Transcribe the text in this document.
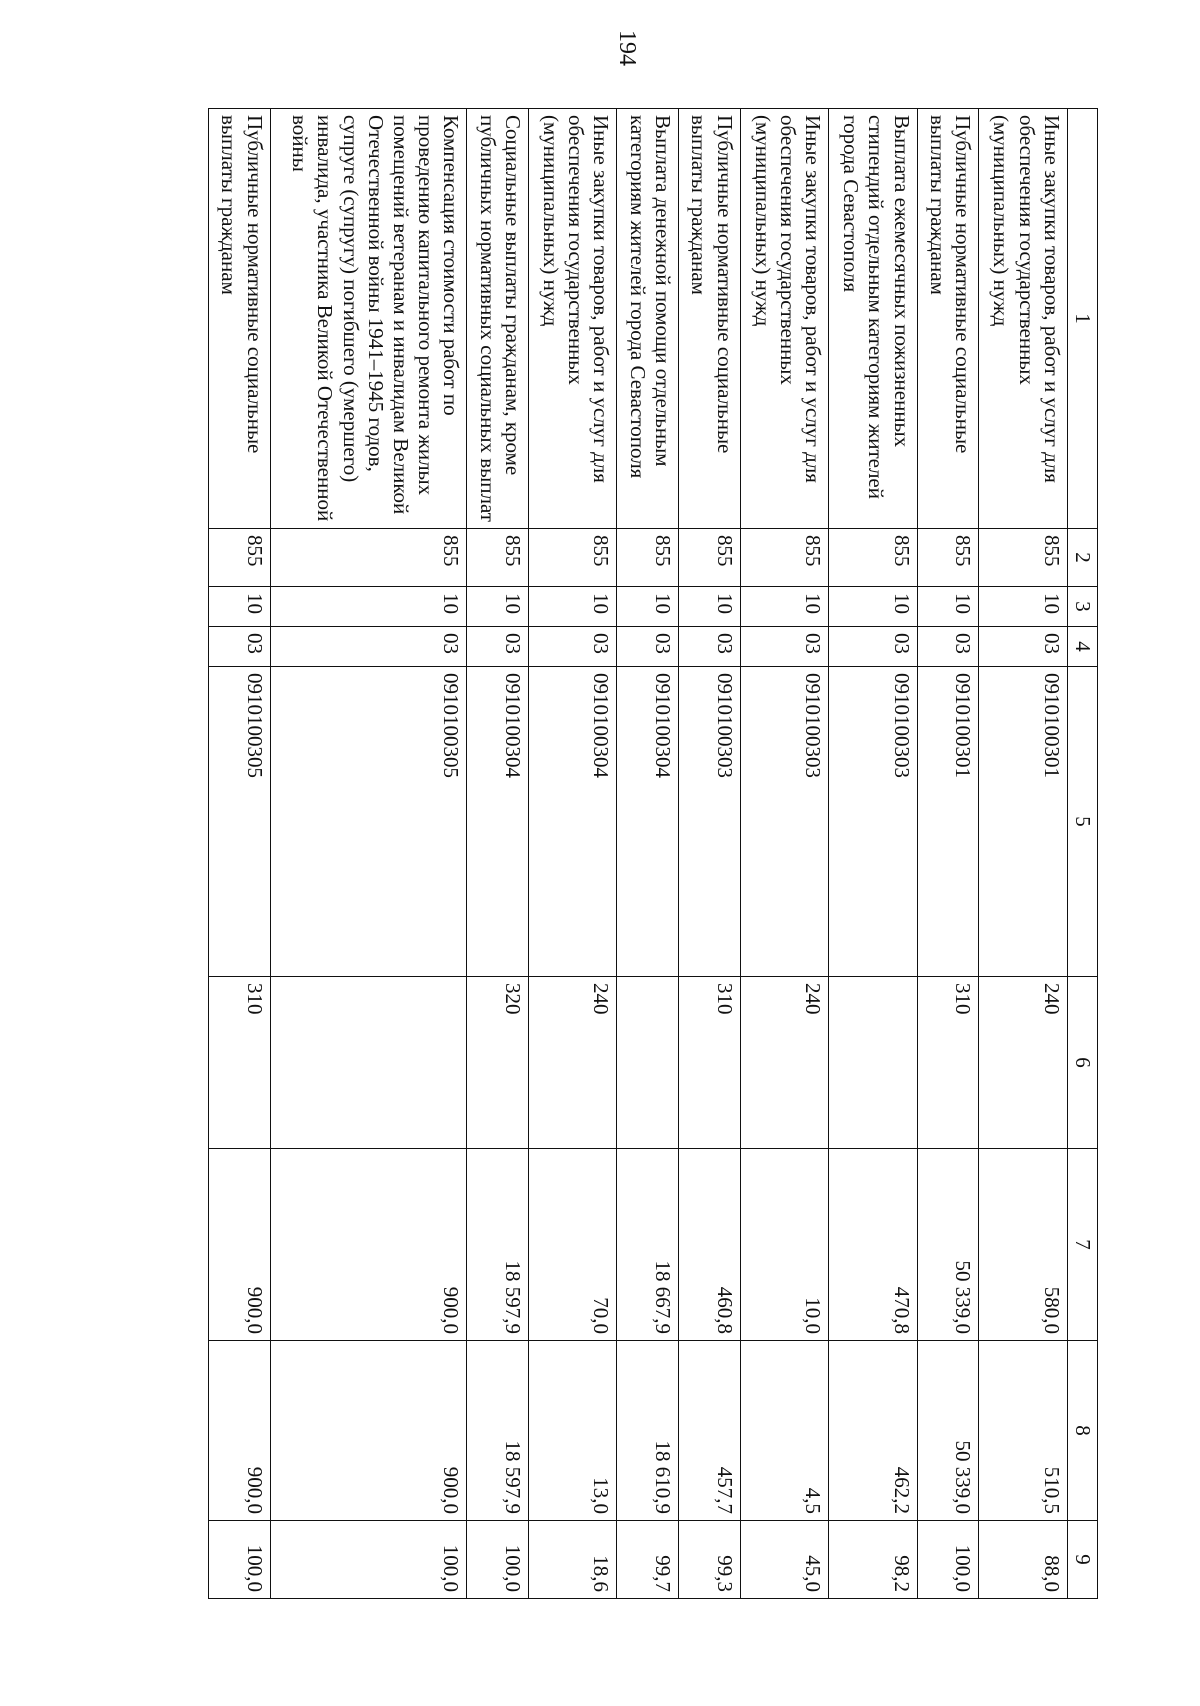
194
1	2	3	4	5	6	7	8	9
Иные закупки товаров, работ и услуг для обеспечения государственных (муниципальных) нужд	855	10	03	0910100301	240	580,0	510,5	88,0
Публичные нормативные социальные выплаты гражданам	855	10	03	0910100301	310	50 339,0	50 339,0	100,0
Выплата ежемесячных пожизненных стипендий отдельным категориям жителей города Севастополя	855	10	03	0910100303		470,8	462,2	98,2
Иные закупки товаров, работ и услуг для обеспечения государственных (муниципальных) нужд	855	10	03	0910100303	240	10,0	4,5	45,0
Публичные нормативные социальные выплаты гражданам	855	10	03	0910100303	310	460,8	457,7	99,3
Выплата денежной помощи отдельным категориям жителей города Севастополя	855	10	03	0910100304		18 667,9	18 610,9	99,7
Иные закупки товаров, работ и услуг для обеспечения государственных (муниципальных) нужд	855	10	03	0910100304	240	70,0	13,0	18,6
Социальные выплаты гражданам, кроме публичных нормативных социальных выплат	855	10	03	0910100304	320	18 597,9	18 597,9	100,0
Компенсация стоимости работ по проведению капитального ремонта жилых помещений ветеранам и инвалидам Великой Отечественной войны 1941–1945 годов, супруге (супругу) погибшего (умершего) инвалида, участника Великой Отечественной войны	855	10	03	0910100305		900,0	900,0	100,0
Публичные нормативные социальные выплаты гражданам	855	10	03	0910100305	310	900,0	900,0	100,0
